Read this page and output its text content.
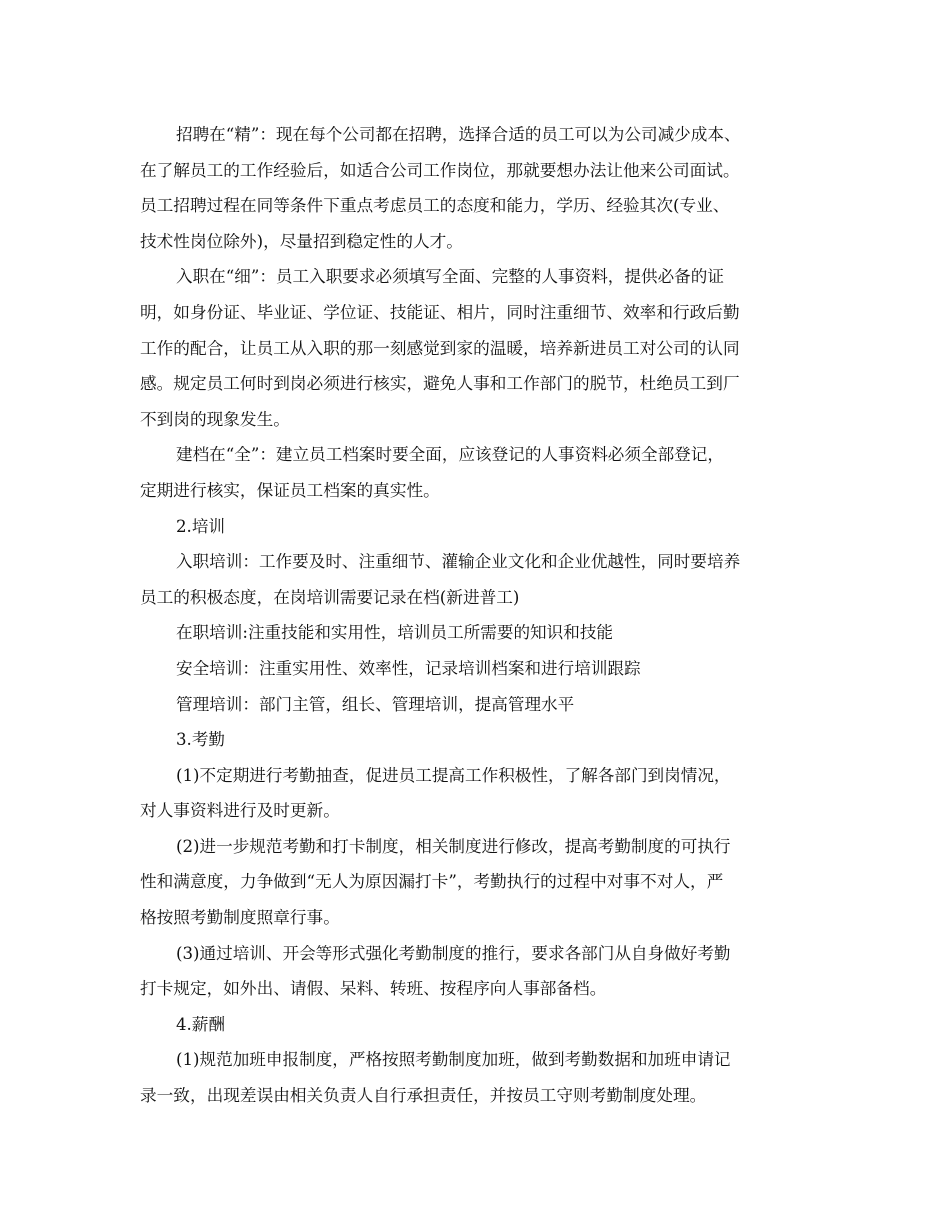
招聘在“精”：现在每个公司都在招聘，选择合适的员工可以为公司减少成本、
在了解员工的工作经验后，如适合公司工作岗位，那就要想办法让他来公司面试。
员工招聘过程在同等条件下重点考虑员工的态度和能力，学历、经验其次(专业、
技术性岗位除外)，尽量招到稳定性的人才。
入职在“细”：员工入职要求必须填写全面、完整的人事资料，提供必备的证
明，如身份证、毕业证、学位证、技能证、相片，同时注重细节、效率和行政后勤
工作的配合，让员工从入职的那一刻感觉到家的温暖，培养新进员工对公司的认同
感。规定员工何时到岗必须进行核实，避免人事和工作部门的脱节，杜绝员工到厂
不到岗的现象发生。
建档在“全”：建立员工档案时要全面，应该登记的人事资料必须全部登记，
定期进行核实，保证员工档案的真实性。
2.培训
入职培训：工作要及时、注重细节、灌输企业文化和企业优越性，同时要培养
员工的积极态度，在岗培训需要记录在档(新进普工)
在职培训:注重技能和实用性，培训员工所需要的知识和技能
安全培训：注重实用性、效率性，记录培训档案和进行培训跟踪
管理培训：部门主管，组长、管理培训，提高管理水平
3.考勤
(1)不定期进行考勤抽查，促进员工提高工作积极性，了解各部门到岗情况，
对人事资料进行及时更新。
(2)进一步规范考勤和打卡制度，相关制度进行修改，提高考勤制度的可执行
性和满意度，力争做到“无人为原因漏打卡”，考勤执行的过程中对事不对人，严
格按照考勤制度照章行事。
(3)通过培训、开会等形式强化考勤制度的推行，要求各部门从自身做好考勤
打卡规定，如外出、请假、呆料、转班、按程序向人事部备档。
4.薪酬
(1)规范加班申报制度，严格按照考勤制度加班，做到考勤数据和加班申请记
录一致，出现差误由相关负责人自行承担责任，并按员工守则考勤制度处理。
